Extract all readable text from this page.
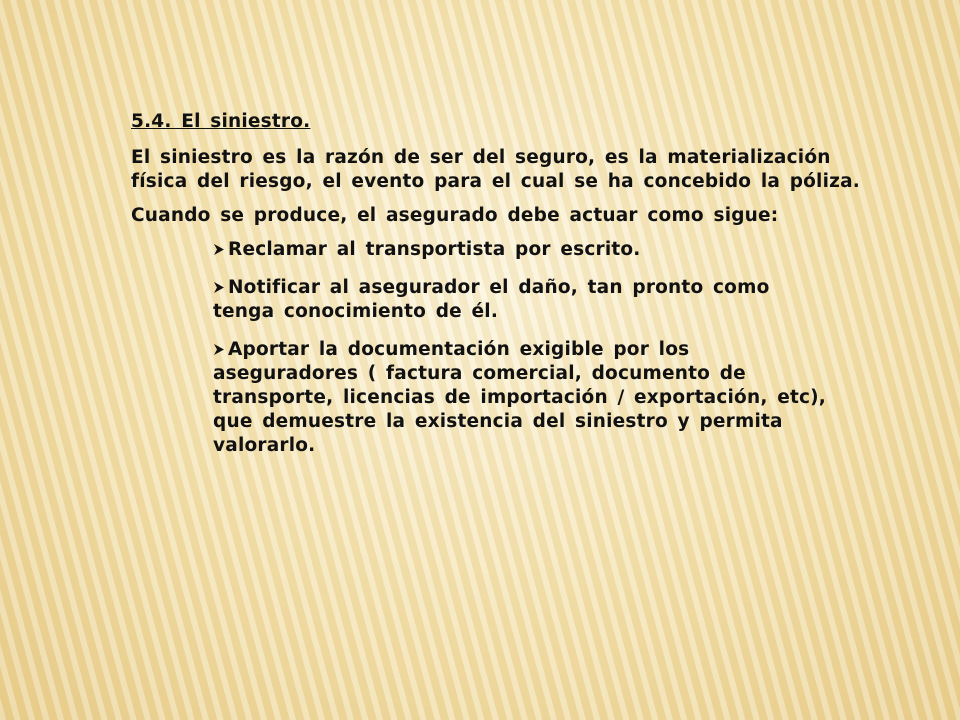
5.4. El siniestro.

El siniestro es la razón de ser del seguro, es la materialización física del riesgo, el evento para el cual se ha concebido la póliza.

Cuando se produce, el asegurado debe actuar como sigue:

Reclamar al transportista por escrito.
Notificar al asegurador el daño, tan pronto como tenga conocimiento de él.
Aportar la documentación exigible por los aseguradores ( factura comercial, documento de transporte, licencias de importación / exportación, etc), que demuestre la existencia del siniestro y permita valorarlo.
